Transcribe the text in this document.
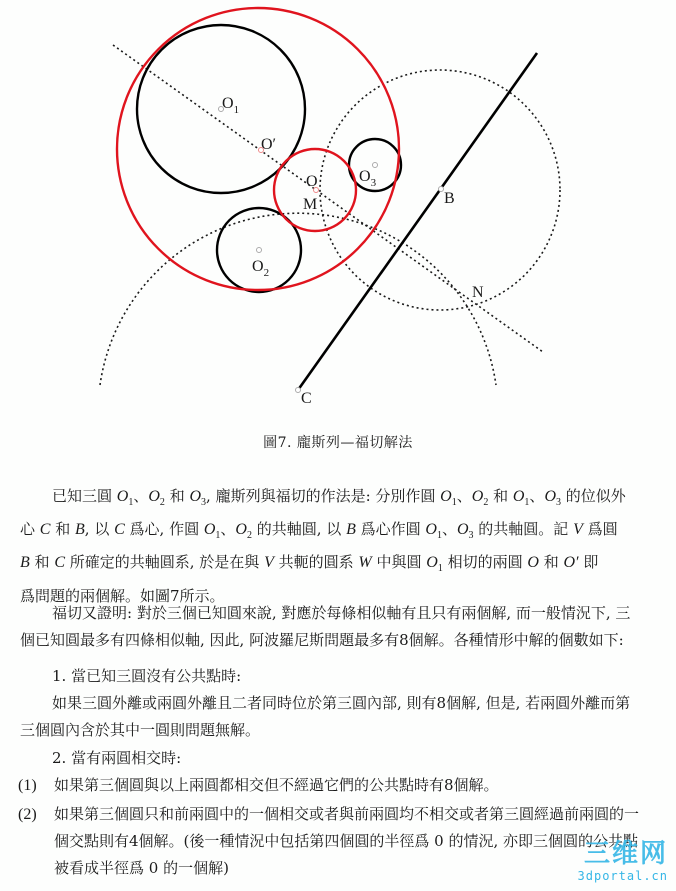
$O_1$
O′
O
M
$O_3$
$O_2$
B
N
C
圖7. 龐斯列—福切解法
已知三圓 $O_1$、$O_2$ 和 $O_3$, 龐斯列與福切的作法是: 分別作圓 $O_1$、$O_2$ 和 $O_1$、$O_3$ 的位似外
心 C 和 B, 以 C 爲心, 作圓 $O_1$、$O_2$ 的共軸圓, 以 B 爲心作圓 $O_1$、$O_3$ 的共軸圓。記 V 爲圓
B 和 C 所確定的共軸圓系, 於是在與 V 共軛的圓系 W 中與圓 $O_1$ 相切的兩圓 O 和 O′ 即
爲問題的兩個解。如圖7所示。
福切又證明: 對於三個已知圓來說, 對應於每條相似軸有且只有兩個解, 而一般情況下, 三
個已知圓最多有四條相似軸, 因此, 阿波羅尼斯問題最多有8個解。各種情形中解的個數如下:
1. 當已知三圓沒有公共點時:
如果三圓外離或兩圓外離且二者同時位於第三圓內部, 則有8個解, 但是, 若兩圓外離而第
三個圓內含於其中一圓則問題無解。
2. 當有兩圓相交時:
(1) 如果第三個圓與以上兩圓都相交但不經過它們的公共點時有8個解。
(2) 如果第三個圓只和前兩圓中的一個相交或者與前兩圓均不相交或者第三圓經過前兩圓的一
個交點則有4個解。(後一種情況中包括第四個圓的半徑爲 0 的情況, 亦即三個圓的公共點
被看成半徑爲 0 的一個解)	三维网
3dportal.cn
